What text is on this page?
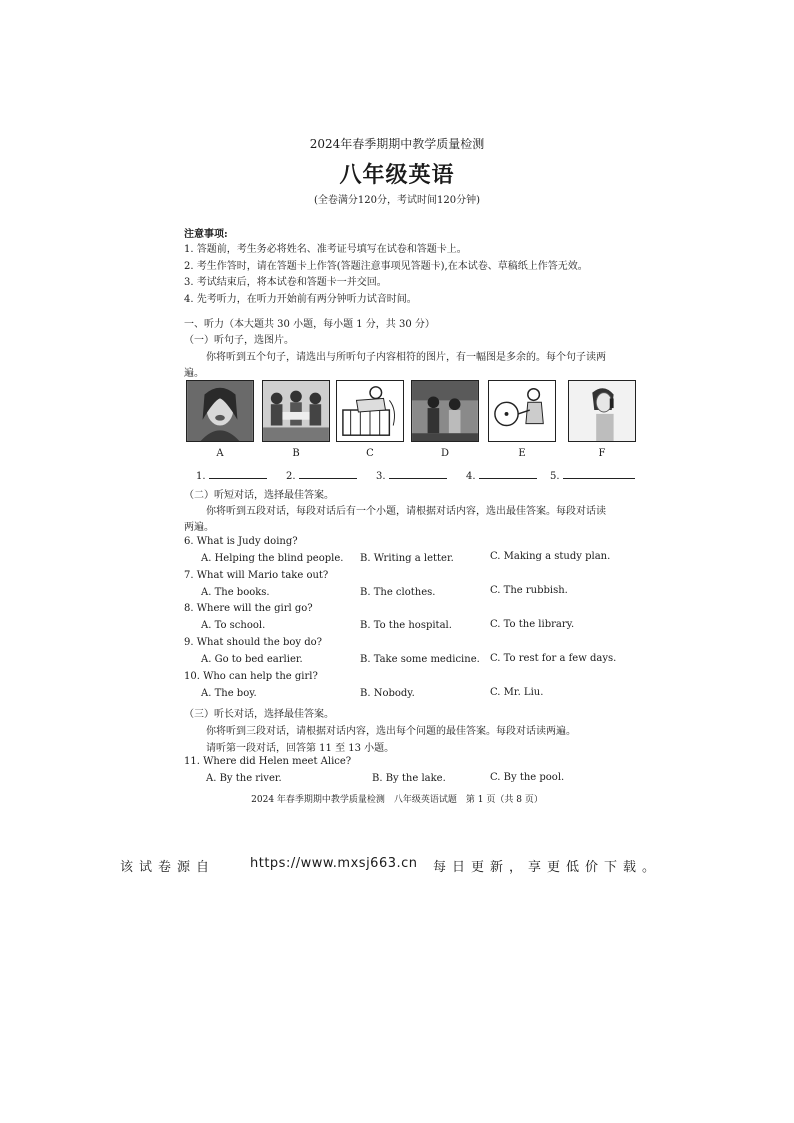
2024年春季期期中教学质量检测
八年级英语
(全卷满分120分，考试时间120分钟)
注意事项:
1. 答题前，考生务必将姓名、准考证号填写在试卷和答题卡上。
2. 考生作答时，请在答题卡上作答(答题注意事项见答题卡),在本试卷、草稿纸上作答无效。
3. 考试结束后，将本试卷和答题卡一并交回。
4. 先考听力，在听力开始前有两分钟听力试音时间。
一、听力（本大题共 30 小题，每小题 1 分，共 30 分）
（一）听句子，选图片。
你将听到五个句子，请选出与所听句子内容相符的图片，有一幅图是多余的。每个句子读两
遍。
A	B	C	D	E	F
1.	2.	3.	4.	5.
（二）听短对话，选择最佳答案。
你将听到五段对话，每段对话后有一个小题，请根据对话内容，选出最佳答案。每段对话读
两遍。
6. What is Judy doing?
A. Helping the blind people. B. Writing a letter.	C. Making a study plan.
7. What will Mario take out?
A. The books.	B. The clothes.	C. The rubbish.
8. Where will the girl go?
A. To school.	B. To the hospital.	C. To the library.
9. What should the boy do?
A. Go to bed earlier.	B. Take some medicine. C. To rest for a few days.
10. Who can help the girl?
A. The boy.	B. Nobody.	C. Mr. Liu.
（三）听长对话，选择最佳答案。
你将听到三段对话，请根据对话内容，选出每个问题的最佳答案。每段对话读两遍。
请听第一段对话，回答第 11 至 13 小题。
11. Where did Helen meet Alice?
A. By the river.	B. By the lake.	C. By the pool.
2024 年春季期期中教学质量检测　八年级英语试题　第 1 页（共 8 页）
该试卷源自	https://www.mxsj663.cn 每日更新，享更低价下载。
